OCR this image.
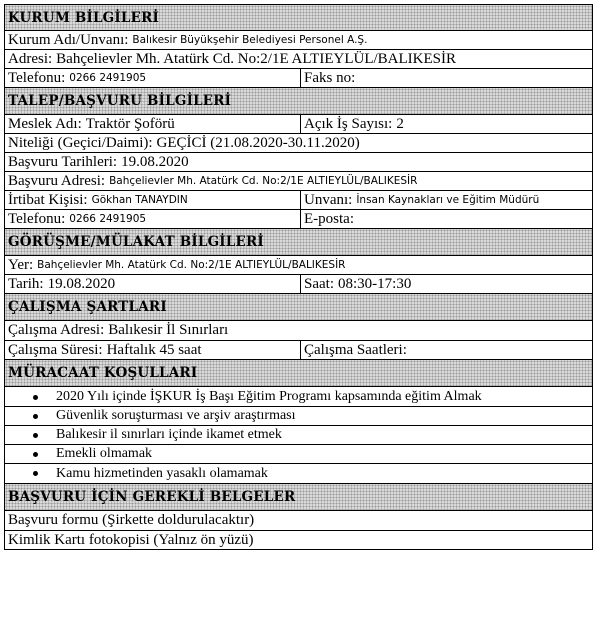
KURUM BİLGİLERİ
Kurum Adı/Unvanı: Balıkesir Büyükşehir Belediyesi Personel A.Ş.
Adresi: Bahçelievler Mh. Atatürk Cd. No:2/1E ALTIEYLÜL/BALIKESİR
Telefonu: 0266 2491905	Faks no:
TALEP/BAŞVURU BİLGİLERİ
Meslek Adı: Traktör Şoförü	Açık İş Sayısı: 2
Niteliği (Geçici/Daimi): GEÇİCİ (21.08.2020-30.11.2020)
Başvuru Tarihleri: 19.08.2020
Başvuru Adresi: Bahçelievler Mh. Atatürk Cd. No:2/1E ALTIEYLÜL/BALIKESİR
İrtibat Kişisi: Gökhan TANAYDIN	Unvanı: İnsan Kaynakları ve Eğitim Müdürü
Telefonu: 0266 2491905	E-posta:
GÖRÜŞME/MÜLAKAT BİLGİLERİ
Yer: Bahçelievler Mh. Atatürk Cd. No:2/1E ALTIEYLÜL/BALIKESİR
Tarih: 19.08.2020	Saat: 08:30-17:30
ÇALIŞMA ŞARTLARI
Çalışma Adresi: Balıkesir İl Sınırları
Çalışma Süresi: Haftalık 45 saat	Çalışma Saatleri:
MÜRACAAT KOŞULLARI
2020 Yılı içinde İŞKUR İş Başı Eğitim Programı kapsamında eğitim Almak
Güvenlik soruşturması ve arşiv araştırması
Balıkesir il sınırları içinde ikamet etmek
Emekli olmamak
Kamu hizmetinden yasaklı olamamak
BAŞVURU İÇİN GEREKLİ BELGELER
Başvuru formu (Şirkette doldurulacaktır)
Kimlik Kartı fotokopisi (Yalnız ön yüzü)
